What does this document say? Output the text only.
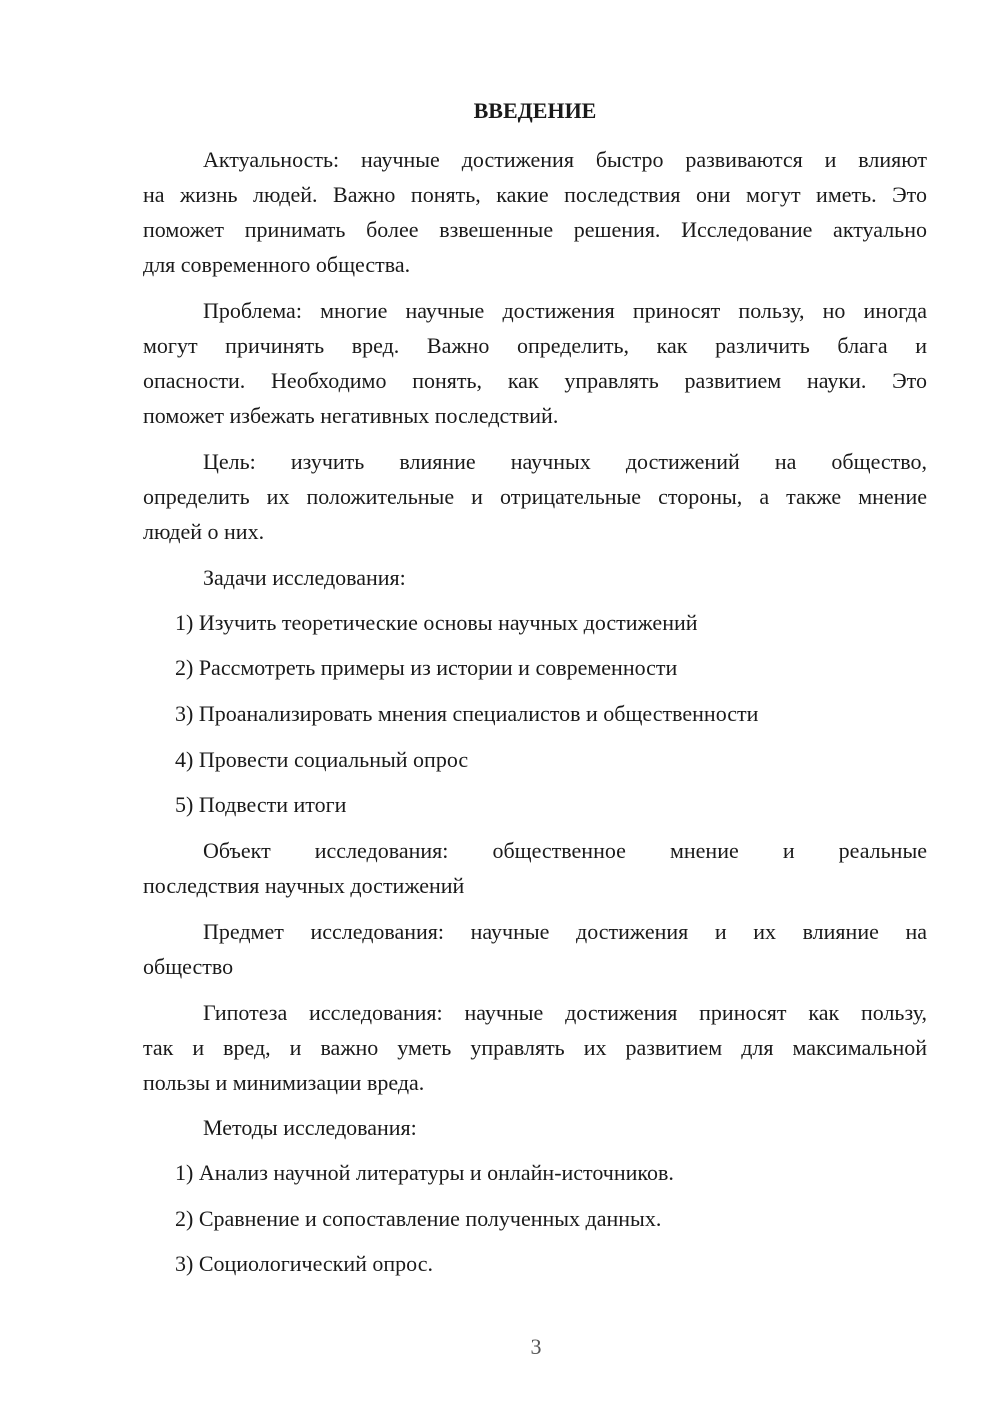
ВВЕДЕНИЕ
Актуальность: научные достижения быстро развиваются и влияют
на жизнь людей. Важно понять, какие последствия они могут иметь. Это
поможет принимать более взвешенные решения. Исследование актуально
для современного общества.
Проблема: многие научные достижения приносят пользу, но иногда
могут причинять вред. Важно определить, как различить блага и
опасности. Необходимо понять, как управлять развитием науки. Это
поможет избежать негативных последствий.
Цель: изучить влияние научных достижений на общество,
определить их положительные и отрицательные стороны, а также мнение
людей о них.
Задачи исследования:
1) Изучить теоретические основы научных достижений
2) Рассмотреть примеры из истории и современности
3) Проанализировать мнения специалистов и общественности
4) Провести социальный опрос
5) Подвести итоги
Объект исследования: общественное мнение и реальные
последствия научных достижений
Предмет исследования: научные достижения и их влияние на
общество
Гипотеза исследования: научные достижения приносят как пользу,
так и вред, и важно уметь управлять их развитием для максимальной
пользы и минимизации вреда.
Методы исследования:
1) Анализ научной литературы и онлайн-источников.
2) Сравнение и сопоставление полученных данных.
3) Социологический опрос.
3
